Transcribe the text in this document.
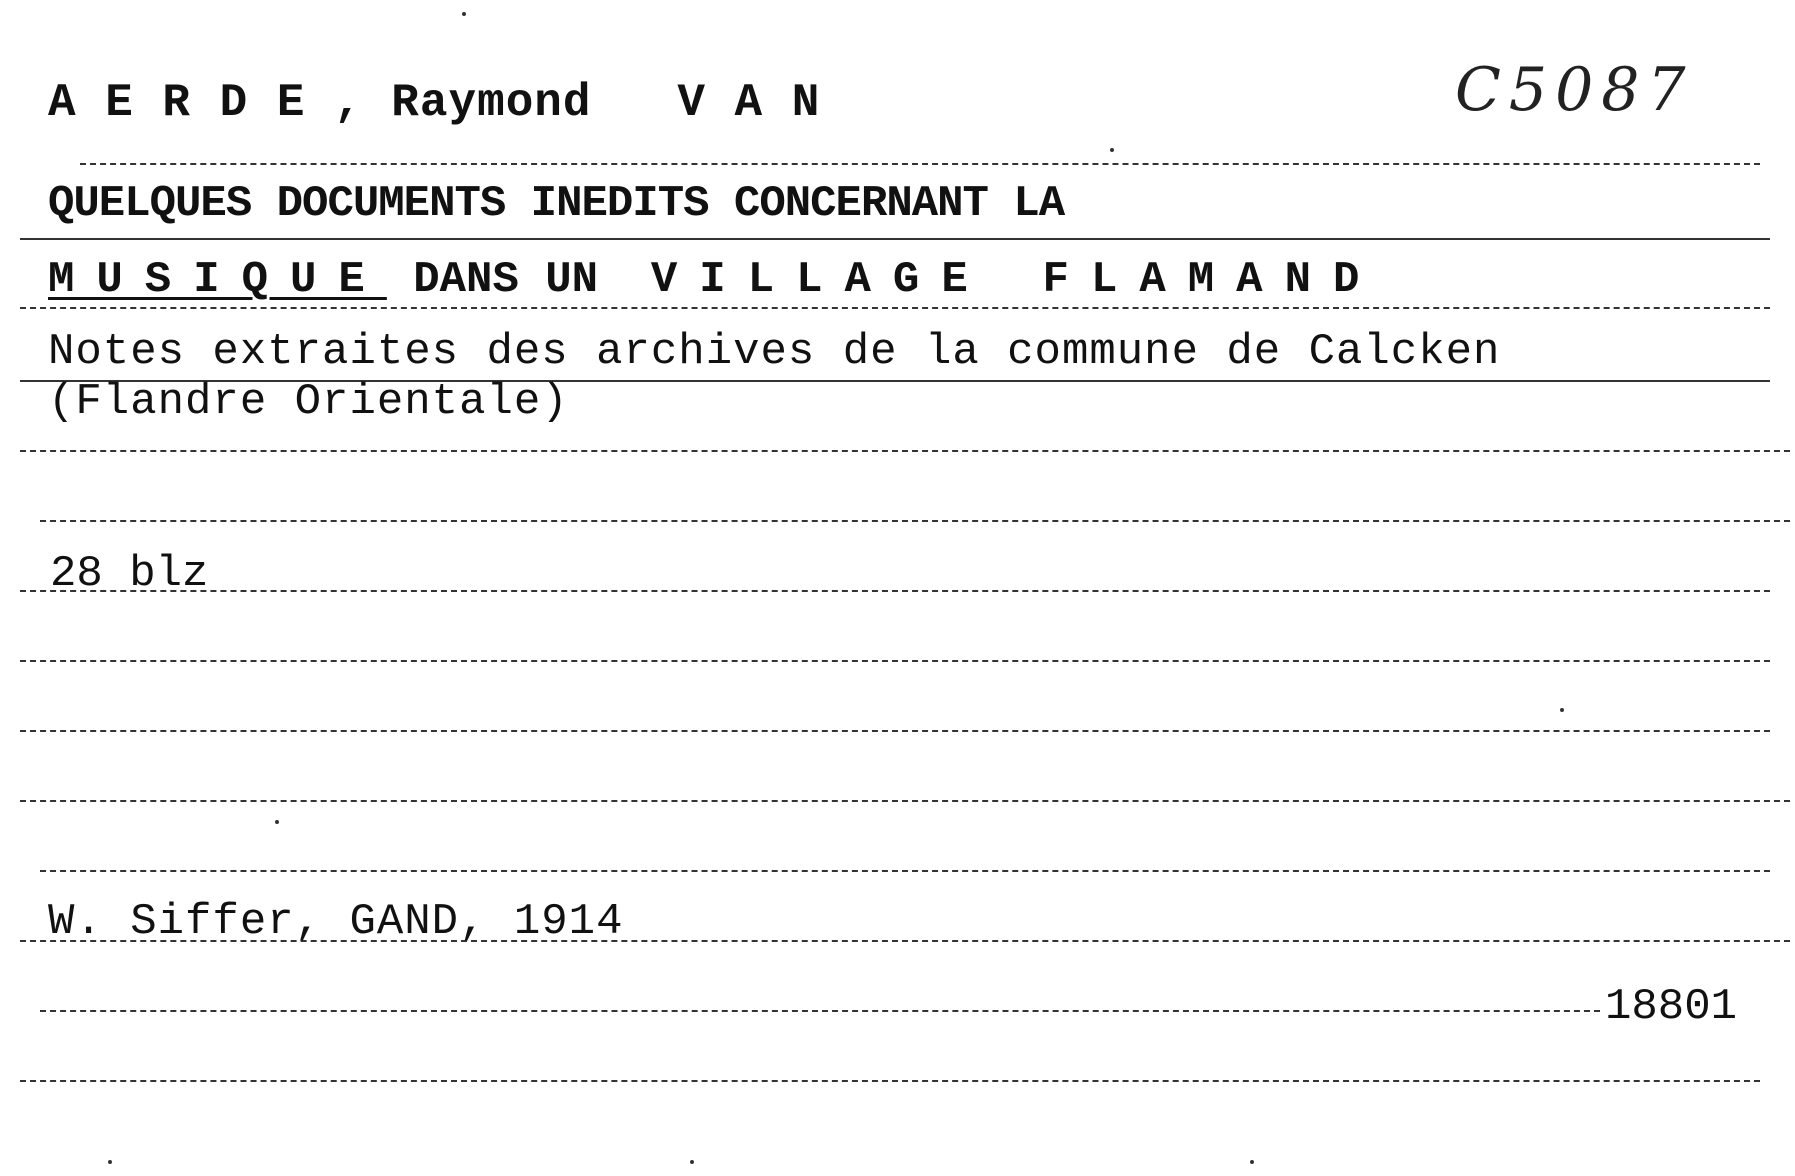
A E R D E , Raymond V A N	C5087
QUELQUES DOCUMENTS INEDITS CONCERNANT LA
MUSIQUE DANS UN  VILLAGE FLAMAND
Notes extraites des archives de la commune de Calcken
(Flandre Orientale)
28 blz
W. Siffer, GAND, 1914
18801
